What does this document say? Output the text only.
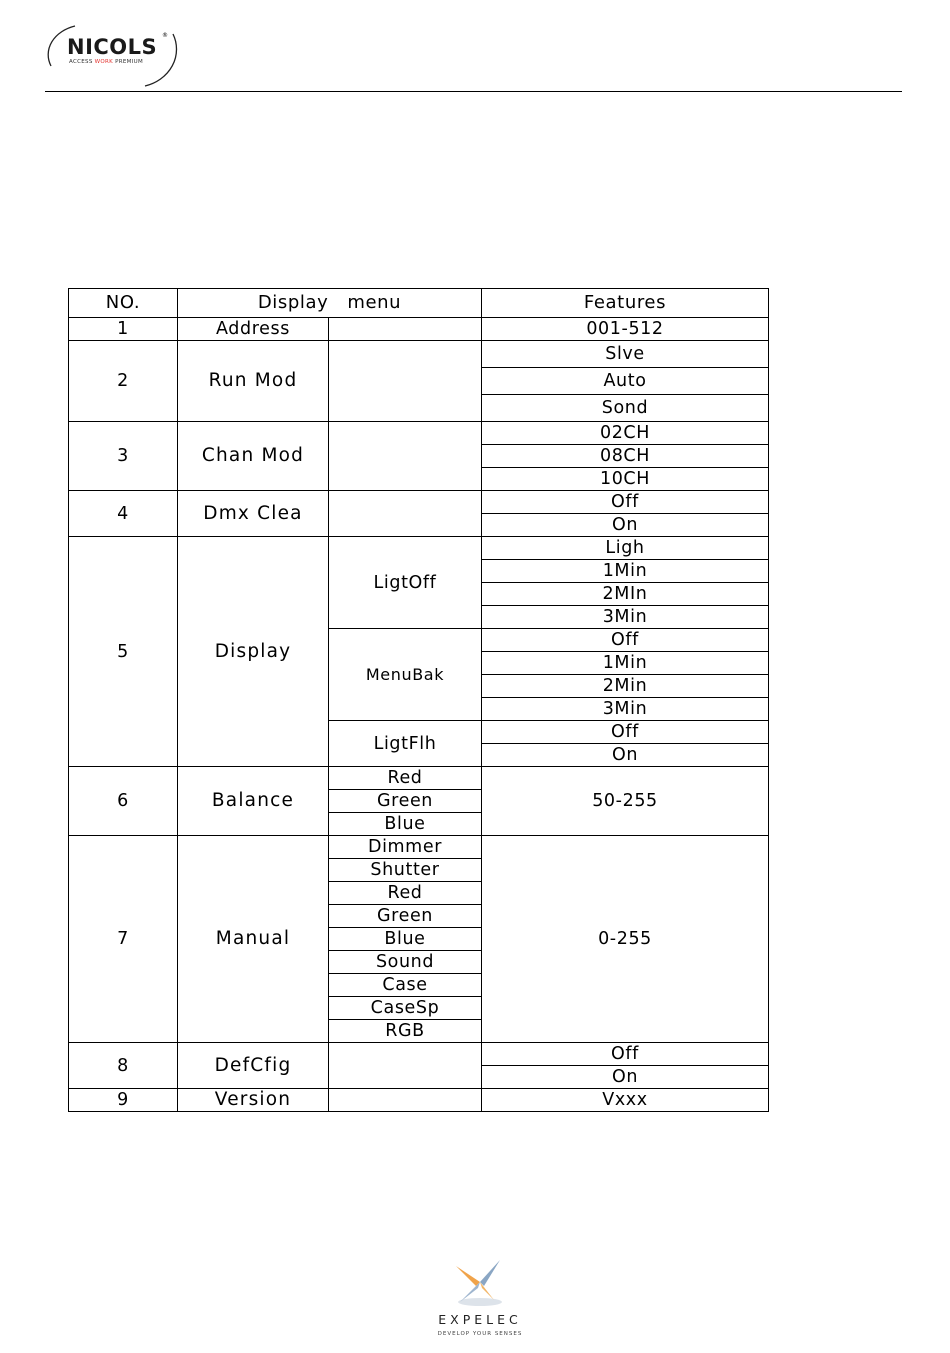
NICOLS ®
ACCESS WORK PREMIUM
NO.	Display   menu		Features
1	Address		001-512
2	Run Mod		Slve
			Auto
			Sond
3	Chan Mod		02CH
			08CH
			10CH
4	Dmx Clea		Off
			On
5	Display	LigtOff	Ligh
			1Min
			2MIn
			3Min
		MenuBak	Off
			1Min
			2Min
			3Min
		LigtFlh	Off
			On
6	Balance	Red	50-255
		Green	
		Blue	
7	Manual	Dimmer	0-255
		Shutter	
		Red	
		Green	
		Blue	
		Sound	
		Case	
		CaseSp	
		RGB	
8	DefCfig		Off
			On
9	Version		Vxxx
EXPELEC
DEVELOP YOUR SENSES
